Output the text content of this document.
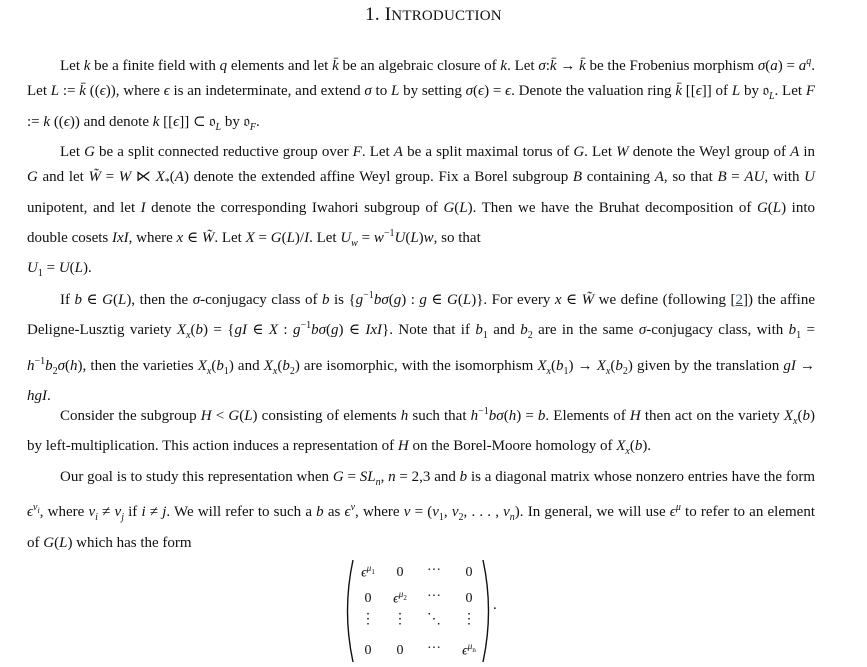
1. INTRODUCTION
Let k be a finite field with q elements and let k̄ be an algebraic closure of k. Let σ:k̄ → k̄ be the Frobenius morphism $\sigma(a) = a^q$. Let L := k̄ ((ϵ)), where ϵ is an indeterminate, and extend σ to L by setting σ(ϵ) = ϵ. Denote the valuation ring k̄ [[ϵ]] of L by 𝔬$_L$. Let F := k ((ϵ)) and denote k [[ϵ]] ⊂ 𝔬$_L$ by 𝔬$_F$.
Let G be a split connected reductive group over F. Let A be a split maximal torus of G. Let W denote the Weyl group of A in G and let W̃ = W ⋉ $X_*(A)$ denote the extended affine Weyl group. Fix a Borel subgroup B containing A, so that B = AU, with U unipotent, and let I denote the corresponding Iwahori subgroup of G(L). Then we have the Bruhat decomposition of G(L) into double cosets IxI, where x ∈ W̃. Let X = G(L)/I. Let $U_w = w^{-1}U(L)w$, so that
$U_1 = U(L)$.
If b ∈ G(L), then the σ-conjugacy class of b is {$g^{-1}b\sigma(g)$ : g ∈ G(L)}. For every x ∈ W̃ we define (following [2]) the affine Deligne-Lusztig variety $X_x(b) = \{gI$ ∈ X : $g^{-1}b\sigma(g)$ ∈ IxI}. Note that if $b_1$ and $b_2$ are in the same σ-conjugacy class, with $b_1 = h^{-1}b_2\sigma(h)$, then the varieties $X_x(b_1)$ and $X_x(b_2)$ are isomorphic, with the isomorphism $X_x(b_1) \to X_x(b_2)$ given by the translation gI → hgI.
Consider the subgroup H < G(L) consisting of elements h such that $h^{-1}b\sigma(h) = b$. Elements of H then act on the variety $X_x(b)$ by left-multiplication. This action induces a representation of H on the Borel-Moore homology of $X_x(b)$.
Our goal is to study this representation when $G = SL_n$, n = 2,3 and b is a diagonal matrix whose nonzero entries have the form $\epsilon^{\nu_i}$, where $\nu_i \ne \nu_j$ if i ≠ j. We will refer to such a b as $\epsilon^\nu$, where $\nu = (\nu_1$, $\nu_2$, . . . , $\nu_n$). In general, we will use $\epsilon^\mu$ to refer to an element of G(L) which has the form
$\epsilon^{\mu_1}$	0	···	0
0	$\epsilon^{\mu_2}$	···	0
⋮	⋮	⋱	⋮
0	0	···	$\epsilon^{\mu_n}$
.
